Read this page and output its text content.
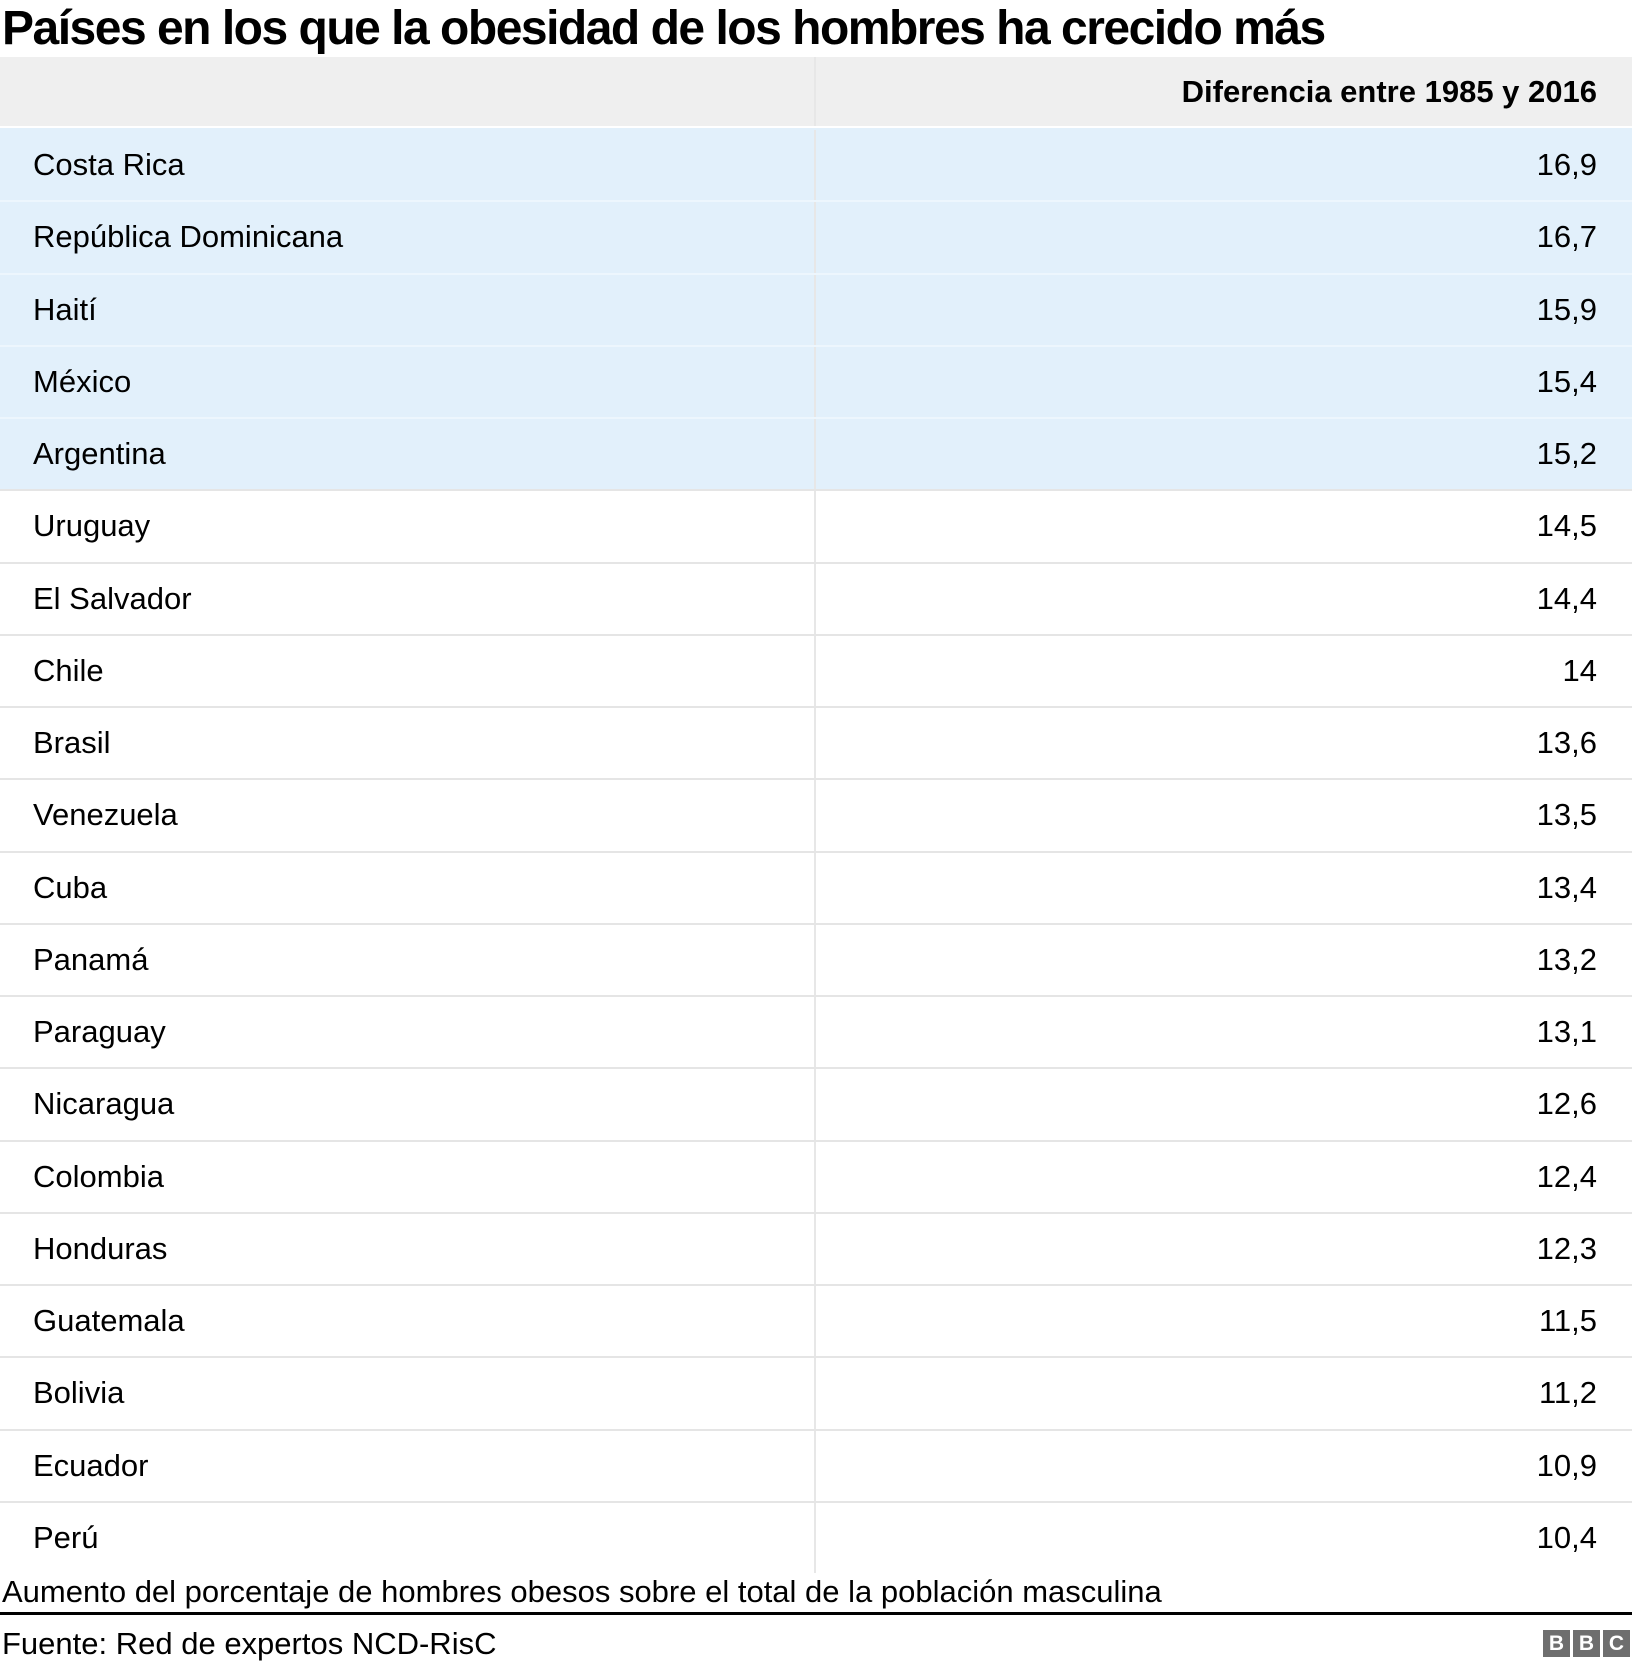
Países en los que la obesidad de los hombres ha crecido más
Diferencia entre 1985 y 2016
Costa Rica	16,9
República Dominicana	16,7
Haití	15,9
México	15,4
Argentina	15,2
Uruguay	14,5
El Salvador	14,4
Chile	14
Brasil	13,6
Venezuela	13,5
Cuba	13,4
Panamá	13,2
Paraguay	13,1
Nicaragua	12,6
Colombia	12,4
Honduras	12,3
Guatemala	11,5
Bolivia	11,2
Ecuador	10,9
Perú	10,4
Aumento del porcentaje de hombres obesos sobre el total de la población masculina
Fuente: Red de expertos NCD-RisC	B B C
